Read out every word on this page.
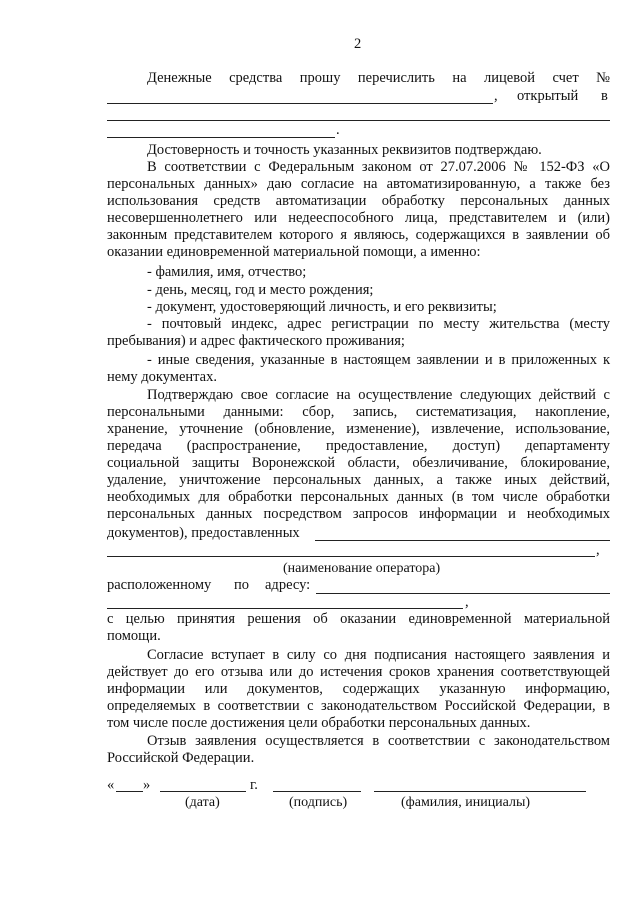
2
Денежные средства прошу перечислить на лицевой счет №
, открытый в
.
Достоверность и точность указанных реквизитов подтверждаю.
В соответствии с Федеральным законом от 27.07.2006 № 152-ФЗ «О
персональных данных» даю согласие на автоматизированную, а также без
использования средств автоматизации обработку персональных данных
несовершеннолетнего или недееспособного лица, представителем и (или)
законным представителем которого я являюсь, содержащихся в заявлении об
оказании единовременной материальной помощи, а именно:
- фамилия, имя, отчество;
- день, месяц, год и место рождения;
- документ, удостоверяющий личность, и его реквизиты;
- почтовый индекс, адрес регистрации по месту жительства (месту
пребывания) и адрес фактического проживания;
- иные сведения, указанные в настоящем заявлении и в приложенных к
нему документах.
Подтверждаю свое согласие на осуществление следующих действий с
персональными данными: сбор, запись, систематизация, накопление,
хранение, уточнение (обновление, изменение), извлечение, использование,
передача (распространение, предоставление, доступ) департаменту
социальной защиты Воронежской области, обезличивание, блокирование,
удаление, уничтожение персональных данных, а также иных действий,
необходимых для обработки персональных данных (в том числе обработки
персональных данных посредством запросов информации и необходимых
документов), предоставленных
,
(наименование оператора)
расположенному по адресу:
,
с целью принятия решения об оказании единовременной материальной
помощи.
Согласие вступает в силу со дня подписания настоящего заявления и
действует до его отзыва или до истечения сроков хранения соответствующей
информации или документов, содержащих указанную информацию,
определяемых в соответствии с законодательством Российской Федерации, в
том числе после достижения цели обработки персональных данных.
Отзыв заявления осуществляется в соответствии с законодательством
Российской Федерации.
« »	г.
(дата)	(подпись)	(фамилия, инициалы)
